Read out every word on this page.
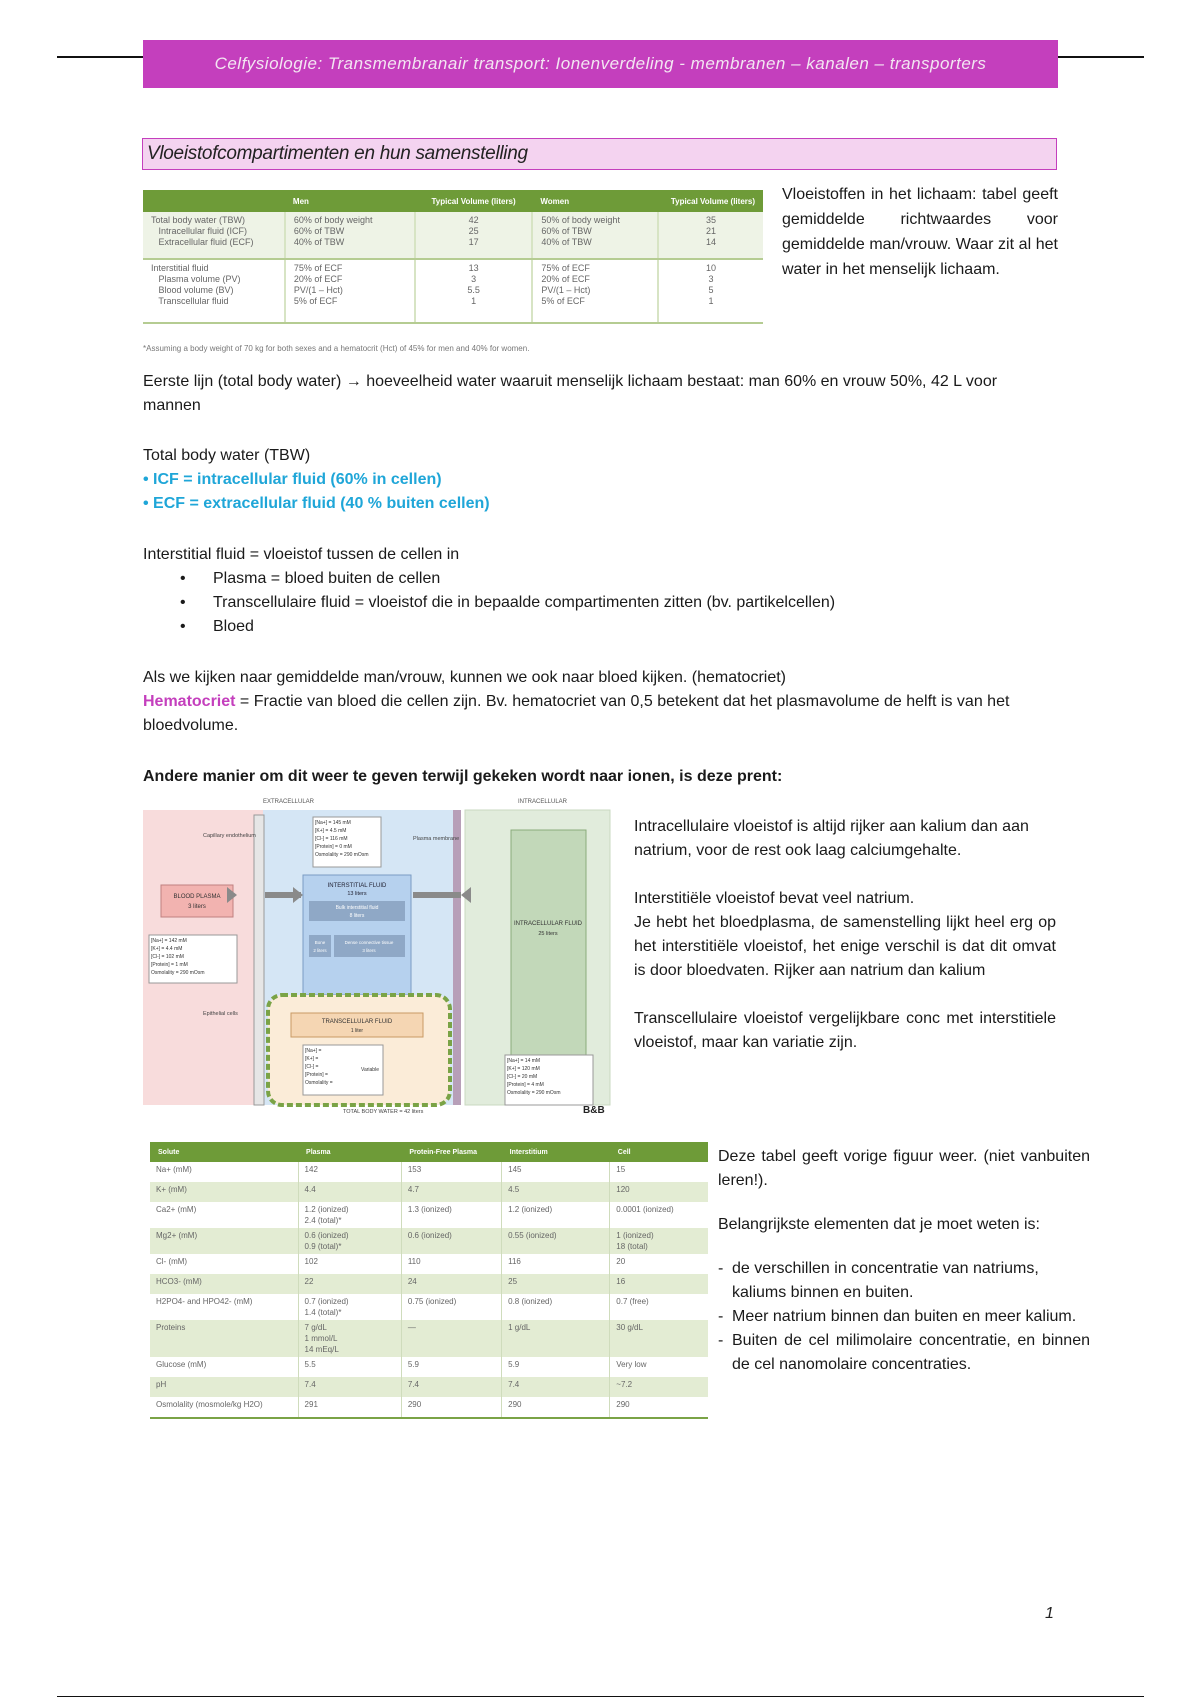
Celfysiologie: Transmembranair transport: Ionenverdeling - membranen – kanalen – transporters
Vloeistofcompartimenten en hun samenstelling
	Men	Typical Volume (liters)	Women	Typical Volume (liters)
Total body water (TBW)
Intracellular fluid (ICF)
Extracellular fluid (ECF)	60% of body weight
60% of TBW
40% of TBW	42
25
17	50% of body weight
60% of TBW
40% of TBW	35
21
14
Interstitial fluid
Plasma volume (PV)
Blood volume (BV)
Transcellular fluid	75% of ECF
20% of ECF
PV/(1 – Hct)
5% of ECF	13
3
5.5
1	75% of ECF
20% of ECF
PV/(1 – Hct)
5% of ECF	10
3
5
1
*Assuming a body weight of 70 kg for both sexes and a hematocrit (Hct) of 45% for men and 40% for women.
Vloeistoffen in het lichaam: tabel geeft gemiddelde richtwaardes voor gemiddelde man/vrouw. Waar zit al het water in het menselijk lichaam.
Eerste lijn (total body water) → hoeveelheid water waaruit menselijk lichaam bestaat: man 60% en vrouw 50%, 42 L voor mannen
Total body water (TBW)
• ICF = intracellular fluid (60% in cellen)
• ECF = extracellular fluid (40 % buiten cellen)
Interstitial fluid = vloeistof tussen de cellen in
• Plasma = bloed buiten de cellen
• Transcellulaire fluid = vloeistof die in bepaalde compartimenten zitten (bv. partikelcellen)
• Bloed
Als we kijken naar gemiddelde man/vrouw, kunnen we ook naar bloed kijken. (hematocriet)
Hematocriet = Fractie van bloed die cellen zijn. Bv. hematocriet van 0,5 betekent dat het plasmavolume de helft is van het bloedvolume.
Andere manier om dit weer te geven terwijl gekeken wordt naar ionen, is deze prent:
EXTRACELLULAR	INTRACELLULAR
Capillary endothelium	Plasma membrane
BLOOD PLASMA
3 liters
[Na+] = 142 mM
[K+] = 4.4 mM
[Cl-] = 102 mM
[Protein] = 1 mM
Osmolality = 290 mOsm
Epithelial cells
[Na+] = 145 mM
[K+] = 4.5 mM
[Cl-] = 116 mM
[Protein] = 0 mM
Osmolality = 290 mOsm
INTERSTITIAL FLUID
13 liters
Bulk interstitial fluid
8 liters
Bone
2 liters
Dense connective tissue
3 liters
TRANSCELLULAR FLUID
1 liter
[Na+] =
[K+] =
[Cl-] =
[Protein] =
Osmolality =
Variable
INTRACELLULAR FLUID
25 liters
[Na+] = 14 mM
[K+] = 120 mM
[Cl-] = 20 mM
[Protein] = 4 mM
Osmolality = 290 mOsm
TOTAL BODY WATER = 42 liters	B&B
Intracellulaire vloeistof is altijd rijker aan kalium dan aan natrium, voor de rest ook laag calciumgehalte.
Interstitiële vloeistof bevat veel natrium.
Je hebt het bloedplasma, de samenstelling lijkt heel erg op het interstitiële vloeistof, het enige verschil is dat dit omvat is door bloedvaten. Rijker aan natrium dan kalium
Transcellulaire vloeistof vergelijkbare conc met interstitiele vloeistof, maar kan variatie zijn.
Solute	Plasma	Protein-Free Plasma	Interstitium	Cell
Na+ (mM)	142	153	145	15
K+ (mM)	4.4	4.7	4.5	120
Ca2+ (mM)	1.2 (ionized)
2.4 (total)*	1.3 (ionized)	1.2 (ionized)	0.0001 (ionized)
Mg2+ (mM)	0.6 (ionized)
0.9 (total)*	0.6 (ionized)	0.55 (ionized)	1 (ionized)
18 (total)
Cl- (mM)	102	110	116	20
HCO3- (mM)	22	24	25	16
H2PO4- and HPO42- (mM)	0.7 (ionized)
1.4 (total)*	0.75 (ionized)	0.8 (ionized)	0.7 (free)
Proteins	7 g/dL
1 mmol/L
14 mEq/L	—	1 g/dL	30 g/dL
Glucose (mM)	5.5	5.9	5.9	Very low
pH	7.4	7.4	7.4	~7.2
Osmolality (mosmole/kg H2O)	291	290	290	290
Deze tabel geeft vorige figuur weer. (niet vanbuiten leren!).
Belangrijkste elementen dat je moet weten is:
- de verschillen in concentratie van natriums, kaliums binnen en buiten.
- Meer natrium binnen dan buiten en meer kalium.
- Buiten de cel milimolaire concentratie, en binnen de cel nanomolaire concentraties.
1
